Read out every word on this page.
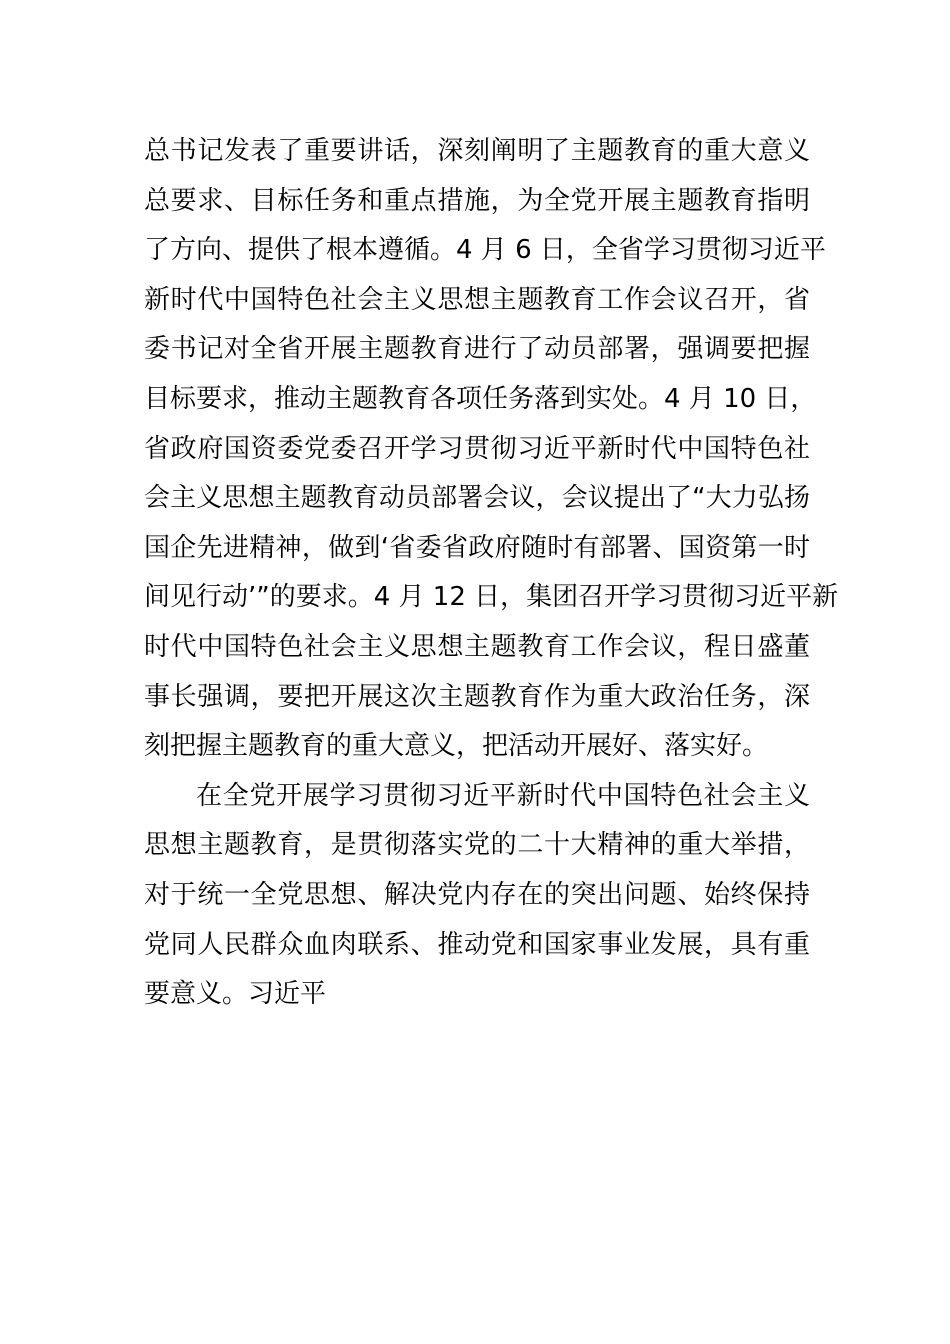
总书记发表了重要讲话，深刻阐明了主题教育的重大意义
总要求、目标任务和重点措施，为全党开展主题教育指明
了方向、提供了根本遵循。4 月 6 日，全省学习贯彻习近平
新时代中国特色社会主义思想主题教育工作会议召开，省
委书记对全省开展主题教育进行了动员部署，强调要把握
目标要求，推动主题教育各项任务落到实处。4 月 10 日，
省政府国资委党委召开学习贯彻习近平新时代中国特色社
会主义思想主题教育动员部署会议，会议提出了“大力弘扬
国企先进精神，做到‘省委省政府随时有部署、国资第一时
间见行动’”的要求。4 月 12 日，集团召开学习贯彻习近平新
时代中国特色社会主义思想主题教育工作会议，程日盛董
事长强调，要把开展这次主题教育作为重大政治任务，深
刻把握主题教育的重大意义，把活动开展好、落实好。
在全党开展学习贯彻习近平新时代中国特色社会主义
思想主题教育，是贯彻落实党的二十大精神的重大举措，
对于统一全党思想、解决党内存在的突出问题、始终保持
党同人民群众血肉联系、推动党和国家事业发展，具有重
要意义。习近平
